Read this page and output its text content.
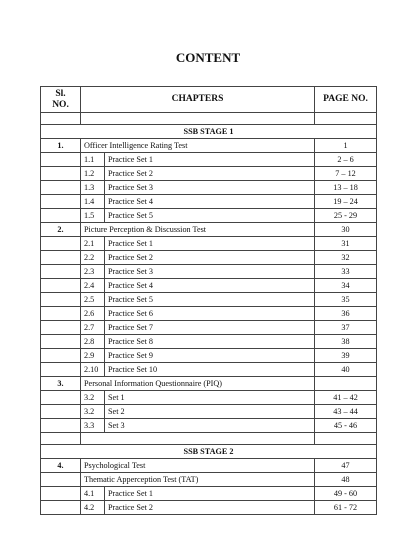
CONTENT
Sl.
NO.	CHAPTERS		PAGE NO.

SSB STAGE 1			
1.	Officer Intelligence Rating Test		1
	1.1	Practice Set 1	2 – 6
	1.2	Practice Set 2	7 – 12
	1.3	Practice Set 3	13 – 18
	1.4	Practice Set 4	19 – 24
	1.5	Practice Set 5	25 - 29
2.	Picture Perception & Discussion Test		30
	2.1	Practice Set 1	31
	2.2	Practice Set 2	32
	2.3	Practice Set 3	33
	2.4	Practice Set 4	34
	2.5	Practice Set 5	35
	2.6	Practice Set 6	36
	2.7	Practice Set 7	37
	2.8	Practice Set 8	38
	2.9	Practice Set 9	39
	2.10	Practice Set 10	40
3.	Personal Information Questionnaire (PIQ)		
	3.2	Set 1	41 – 42
	3.2	Set 2	43 – 44
	3.3	Set 3	45 - 46

SSB STAGE 2			
4.	Psychological Test		47
	Thematic Apperception Test (TAT)		48
	4.1	Practice Set 1	49 - 60
	4.2	Practice Set 2	61 - 72
